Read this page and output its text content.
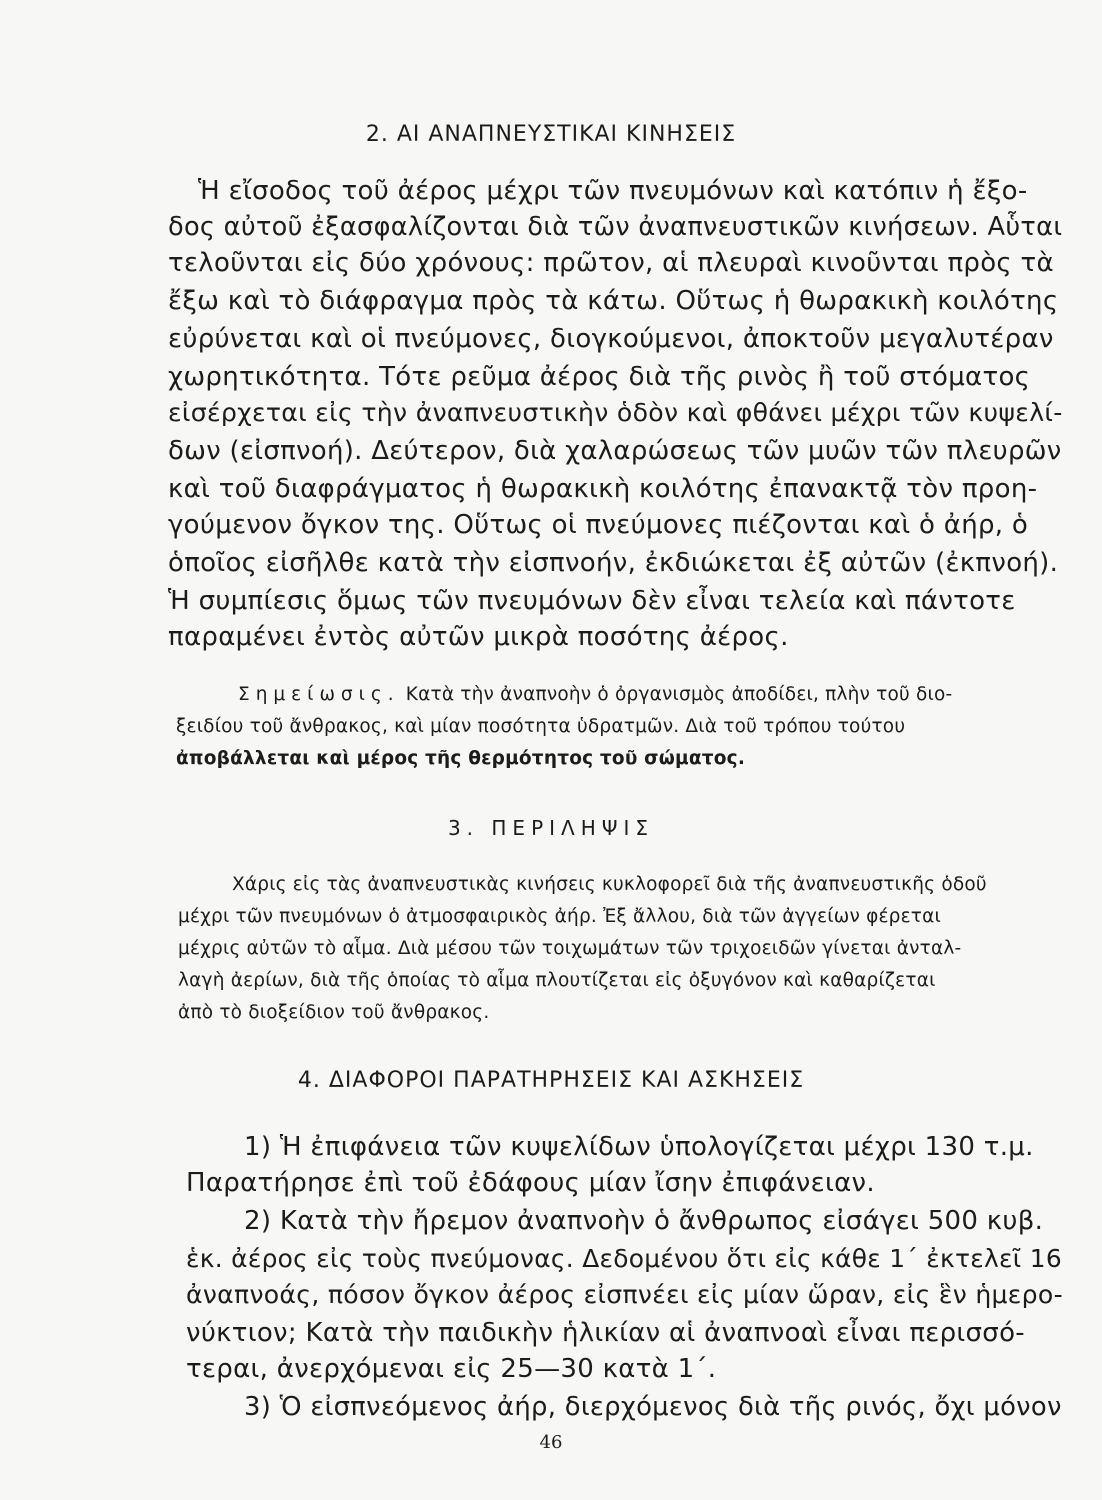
2. ΑΙ ΑΝΑΠΝΕΥΣΤΙΚΑΙ ΚΙΝΗΣΕΙΣ
Ἡ εἴσοδος τοῦ ἀέρος μέχρι τῶν πνευμόνων καὶ κατόπιν ἡ ἔξο-
δος αὐτοῦ ἐξασφαλίζονται διὰ τῶν ἀναπνευστικῶν κινήσεων. Αὗται
τελοῦνται εἰς δύο χρόνους: πρῶτον, αἱ πλευραὶ κινοῦνται πρὸς τὰ
ἔξω καὶ τὸ διάφραγμα πρὸς τὰ κάτω. Οὕτως ἡ θωρακικὴ κοιλότης
εὐρύνεται καὶ οἱ πνεύμονες, διογκούμενοι, ἀποκτοῦν μεγαλυτέραν
χωρητικότητα. Τότε ρεῦμα ἀέρος διὰ τῆς ρινὸς ἢ τοῦ στόματος
εἰσέρχεται εἰς τὴν ἀναπνευστικὴν ὁδὸν καὶ φθάνει μέχρι τῶν κυψελί-
δων (εἰσπνοή). Δεύτερον, διὰ χαλαρώσεως τῶν μυῶν τῶν πλευρῶν
καὶ τοῦ διαφράγματος ἡ θωρακικὴ κοιλότης ἐπανακτᾷ τὸν προη-
γούμενον ὄγκον της. Οὕτως οἱ πνεύμονες πιέζονται καὶ ὁ ἀήρ, ὁ
ὁποῖος εἰσῆλθε κατὰ τὴν εἰσπνοήν, ἐκδιώκεται ἐξ αὐτῶν (ἐκπνοή).
Ἡ συμπίεσις ὅμως τῶν πνευμόνων δὲν εἶναι τελεία καὶ πάντοτε
παραμένει ἐντὸς αὐτῶν μικρὰ ποσότης ἀέρος.
Σημείωσις. Κατὰ τὴν ἀναπνοὴν ὁ ὀργανισμὸς ἀποδίδει, πλὴν τοῦ διο-
ξειδίου τοῦ ἄνθρακος, καὶ μίαν ποσότητα ὑδρατμῶν. Διὰ τοῦ τρόπου τούτου
ἀποβάλλεται καὶ μέρος τῆς θερμότητος τοῦ σώματος.
3. ΠΕΡΙΛΗΨΙΣ
Χάρις εἰς τὰς ἀναπνευστικὰς κινήσεις κυκλοφορεῖ διὰ τῆς ἀναπνευστικῆς ὁδοῦ
μέχρι τῶν πνευμόνων ὁ ἀτμοσφαιρικὸς ἀήρ. Ἐξ ἄλλου, διὰ τῶν ἀγγείων φέρεται
μέχρις αὐτῶν τὸ αἷμα. Διὰ μέσου τῶν τοιχωμάτων τῶν τριχοειδῶν γίνεται ἀνταλ-
λαγὴ ἀερίων, διὰ τῆς ὁποίας τὸ αἷμα πλουτίζεται εἰς ὀξυγόνον καὶ καθαρίζεται
ἀπὸ τὸ διοξείδιον τοῦ ἄνθρακος.
4. ΔΙΑΦΟΡΟΙ ΠΑΡΑΤΗΡΗΣΕΙΣ ΚΑΙ ΑΣΚΗΣΕΙΣ
1) Ἡ ἐπιφάνεια τῶν κυψελίδων ὑπολογίζεται μέχρι 130 τ.μ.
Παρατήρησε ἐπὶ τοῦ ἐδάφους μίαν ἴσην ἐπιφάνειαν.
2) Κατὰ τὴν ἤρεμον ἀναπνοὴν ὁ ἄνθρωπος εἰσάγει 500 κυβ.
ἑκ. ἀέρος εἰς τοὺς πνεύμονας. Δεδομένου ὅτι εἰς κάθε 1΄ ἐκτελεῖ 16
ἀναπνοάς, πόσον ὄγκον ἀέρος εἰσπνέει εἰς μίαν ὥραν, εἰς ἓν ἡμερο-
νύκτιον; Κατὰ τὴν παιδικὴν ἡλικίαν αἱ ἀναπνοαὶ εἶναι περισσό-
τεραι, ἀνερχόμεναι εἰς 25—30 κατὰ 1΄.
3) Ὁ εἰσπνεόμενος ἀήρ, διερχόμενος διὰ τῆς ρινός, ὄχι μόνον
46
